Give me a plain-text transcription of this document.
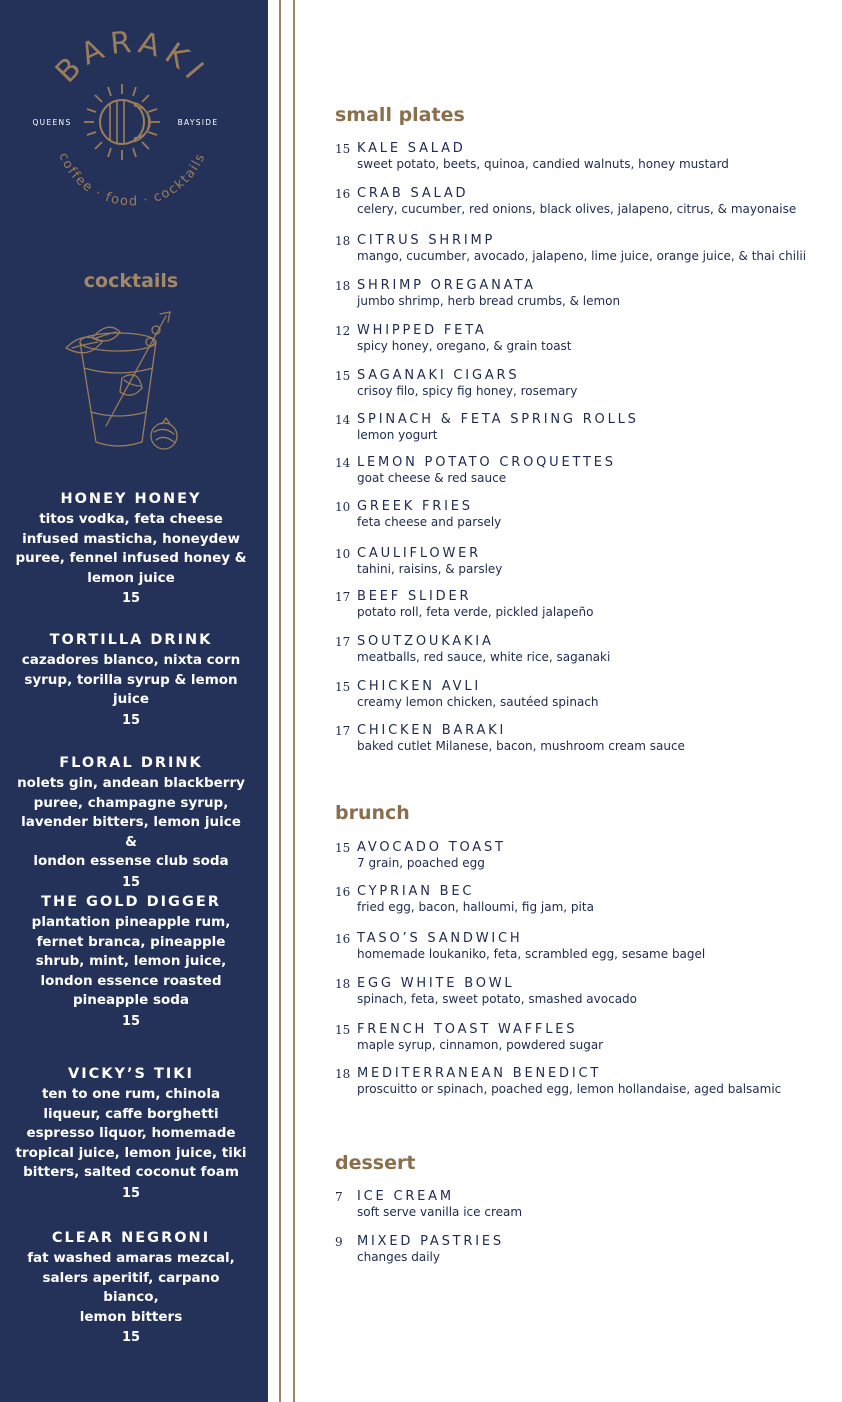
BARAKI
coffee · food · cocktails
QUEENS	BAYSIDE
cocktails
HONEY HONEY
titos vodka, feta cheese
infused masticha, honeydew
puree, fennel infused honey &
lemon juice
15
TORTILLA DRINK
cazadores blanco, nixta corn
syrup, torilla syrup & lemon
juice
15
FLORAL DRINK
nolets gin, andean blackberry
puree, champagne syrup,
lavender bitters, lemon juice &
london essense club soda
15
THE GOLD DIGGER
plantation pineapple rum,
fernet branca, pineapple
shrub, mint, lemon juice,
london essence roasted
pineapple soda
15
VICKY’S TIKI
ten to one rum, chinola
liqueur, caffe borghetti
espresso liquor, homemade
tropical juice, lemon juice, tiki
bitters, salted coconut foam
15
CLEAR NEGRONI
fat washed amaras mezcal,
salers aperitif, carpano bianco,
lemon bitters
15
small plates
15 KALE SALAD
sweet potato, beets, quinoa, candied walnuts, honey mustard
16 CRAB SALAD
celery, cucumber, red onions, black olives, jalapeno, citrus, & mayonaise
18 CITRUS SHRIMP
mango, cucumber, avocado, jalapeno, lime juice, orange juice, & thai chilii
18 SHRIMP OREGANATA
jumbo shrimp, herb bread crumbs, & lemon
12 WHIPPED FETA
spicy honey, oregano, & grain toast
15 SAGANAKI CIGARS
crisoy filo, spicy fig honey, rosemary
14 SPINACH & FETA SPRING ROLLS
lemon yogurt
14 LEMON POTATO CROQUETTES
goat cheese & red sauce
10 GREEK FRIES
feta cheese and parsely
10 CAULIFLOWER
tahini, raisins, & parsley
17 BEEF SLIDER
potato roll, feta verde, pickled jalapeño
17 SOUTZOUKAKIA
meatballs, red sauce, white rice, saganaki
15 CHICKEN AVLI
creamy lemon chicken, sautéed spinach
17 CHICKEN BARAKI
baked cutlet Milanese, bacon, mushroom cream sauce
brunch
15 AVOCADO TOAST
7 grain, poached egg
16 CYPRIAN BEC
fried egg, bacon, halloumi, fig jam, pita
16 TASO’S SANDWICH
homemade loukaniko, feta, scrambled egg, sesame bagel
18 EGG WHITE BOWL
spinach, feta, sweet potato, smashed avocado
15 FRENCH TOAST WAFFLES
maple syrup, cinnamon, powdered sugar
18 MEDITERRANEAN BENEDICT
proscuitto or spinach, poached egg, lemon hollandaise, aged balsamic
dessert
7 ICE CREAM
soft serve vanilla ice cream
9 MIXED PASTRIES
changes daily
